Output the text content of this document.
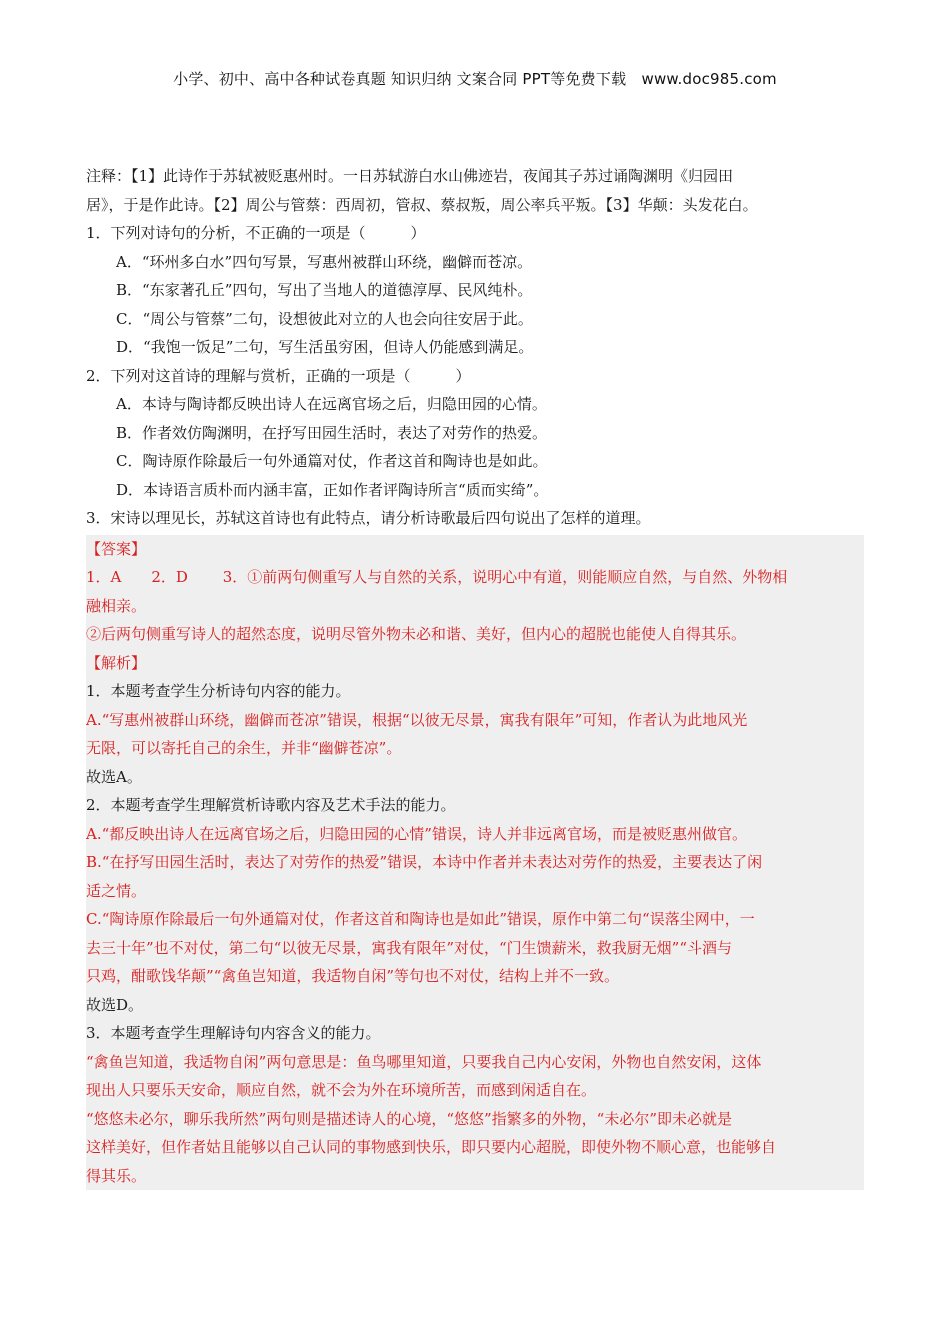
小学、初中、高中各种试卷真题 知识归纳 文案合同 PPT等免费下载　www.doc985.com
注释：【1】此诗作于苏轼被贬惠州时。一日苏轼游白水山佛迹岩，夜闻其子苏过诵陶渊明《归园田
居》，于是作此诗。【2】周公与管蔡：西周初，管叔、蔡叔叛，周公率兵平叛。【3】华颠：头发花白。
1．下列对诗句的分析，不正确的一项是（　　　）
A．“环州多白水”四句写景，写惠州被群山环绕，幽僻而苍凉。
B．“东家著孔丘”四句，写出了当地人的道德淳厚、民风纯朴。
C．“周公与管蔡”二句，设想彼此对立的人也会向往安居于此。
D．“我饱一饭足”二句，写生活虽穷困，但诗人仍能感到满足。
2．下列对这首诗的理解与赏析，正确的一项是（　　　）
A．本诗与陶诗都反映出诗人在远离官场之后，归隐田园的心情。
B．作者效仿陶渊明，在抒写田园生活时，表达了对劳作的热爱。
C．陶诗原作除最后一句外通篇对仗，作者这首和陶诗也是如此。
D．本诗语言质朴而内涵丰富，正如作者评陶诗所言“质而实绮”。
3．宋诗以理见长，苏轼这首诗也有此特点，请分析诗歌最后四句说出了怎样的道理。
【答案】
1．A　　2．D　　 3．①前两句侧重写人与自然的关系，说明心中有道，则能顺应自然，与自然、外物相
融相亲。
②后两句侧重写诗人的超然态度，说明尽管外物未必和谐、美好，但内心的超脱也能使人自得其乐。
【解析】
1．本题考查学生分析诗句内容的能力。
A.“写惠州被群山环绕，幽僻而苍凉”错误，根据“以彼无尽景，寓我有限年”可知，作者认为此地风光
无限，可以寄托自己的余生，并非“幽僻苍凉”。
故选A。
2．本题考查学生理解赏析诗歌内容及艺术手法的能力。
A.“都反映出诗人在远离官场之后，归隐田园的心情”错误，诗人并非远离官场，而是被贬惠州做官。
B.“在抒写田园生活时，表达了对劳作的热爱”错误，本诗中作者并未表达对劳作的热爱，主要表达了闲
适之情。
C.“陶诗原作除最后一句外通篇对仗，作者这首和陶诗也是如此”错误，原作中第二句“误落尘网中，一
去三十年”也不对仗，第二句“以彼无尽景，寓我有限年”对仗，“门生馈薪米，救我厨无烟”“斗酒与
只鸡，酣歌饯华颠”“禽鱼岂知道，我适物自闲”等句也不对仗，结构上并不一致。
故选D。
3．本题考查学生理解诗句内容含义的能力。
“禽鱼岂知道，我适物自闲”两句意思是：鱼鸟哪里知道，只要我自己内心安闲，外物也自然安闲，这体
现出人只要乐天安命，顺应自然，就不会为外在环境所苦，而感到闲适自在。
“悠悠未必尔，聊乐我所然”两句则是描述诗人的心境，“悠悠”指繁多的外物，“未必尔”即未必就是
这样美好，但作者姑且能够以自己认同的事物感到快乐，即只要内心超脱，即使外物不顺心意，也能够自
得其乐。
